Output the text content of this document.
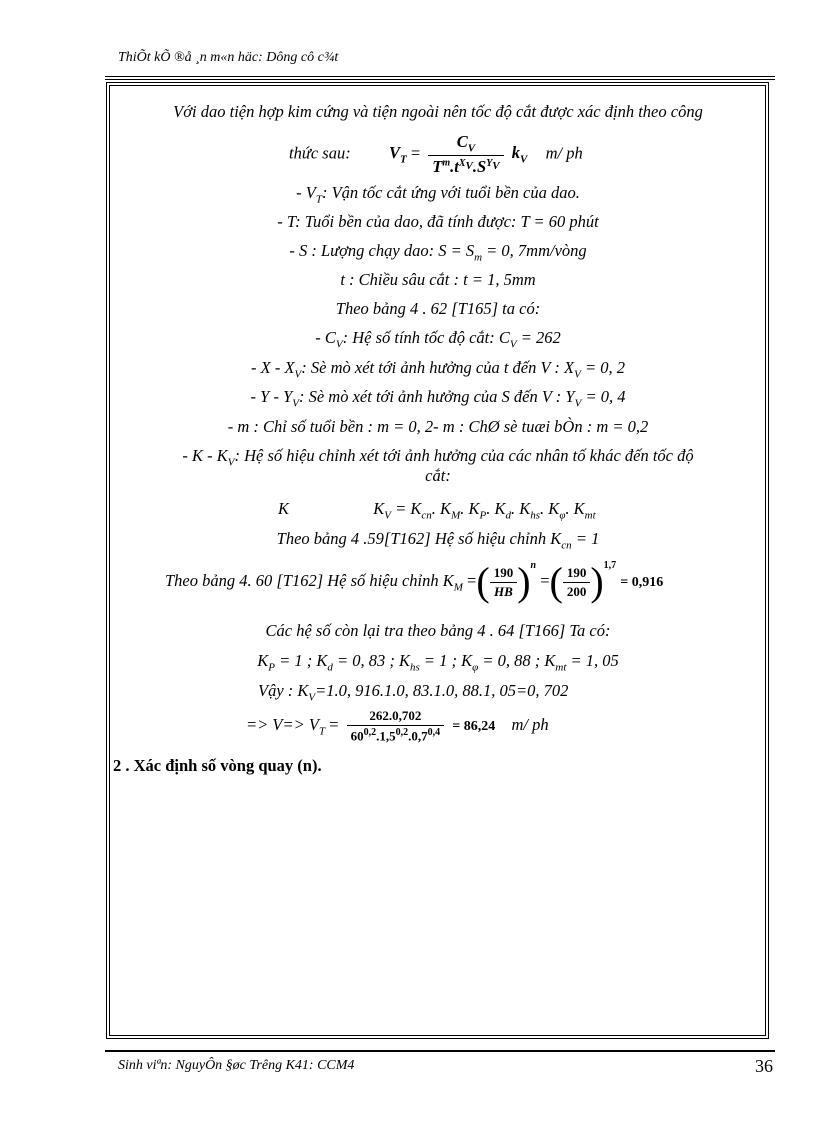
ThiÕt kÕ ®å ¸n m«n häc: Dông cô c¾t
Với dao tiện hợp kim cứng và tiện ngoài nên tốc độ cắt được xác định theo công
thức sau: $V_T = \frac{C_V}{T^m.t^{X_V}.S^{Y_V}} k_V$ m/ ph
- $V_T$: Vận tốc cắt ứng với tuổi bền của dao.
- T: Tuổi bền của dao, đã tính được: T = 60 phút
- S : Lượng chạy dao: $S = S_m = 0$, 7mm/vòng
t : Chiều sâu cắt : t = 1, 5mm
Theo bảng 4 . 62 [T165] ta có:
- $C_V$: Hệ số tính tốc độ cắt: $C_V = 262$
- X - $X_V$: Sè mò xét tới ảnh hưởng của t đến V : $X_V = 0$, 2
- Y - $Y_V$: Sè mò xét tới ảnh hưởng của S đến V : $Y_V = 0$, 4
- m : Chỉ số tuổi bền : m = 0, 2- m : ChØ sè tuæi bÒn : m = 0,2
- K - $K_V$: Hệ số hiệu chỉnh xét tới ảnh hưởng của các nhân tố khác đến tốc độ
cắt:
K	$K_V = K_{cn}$. $K_M$. $K_P$. $K_d$. $K_{hs}$. $K_\varphi$. $K_{mt}$
Theo bảng 4 .59[T162] Hệ số hiệu chỉnh $K_{cn} = 1$
Theo bảng 4. 60 [T162] Hệ số hiệu chỉnh $K_M$ =( $\frac{190}{HB} )^n$ =( $\frac{190}{200} )^{1,7} = 0,916$
Các hệ số còn lại tra theo bảng 4 . 64 [T166] Ta có:
$K_P = 1$ ; $K_d = 0$, 83 ; $K_{hs} = 1$ ; $K_\varphi = 0$, 88 ; $K_{mt} = 1$, 05
Vậy : $K_V=1.0$, 916.1.0, 83.1.0, 88.1, 05=0, 702
=> $V=> V_T = \frac{262.0,702}{60^{0,2}.1,5^{0,2}.0,7^{0,4}} = 86,24$ m/ ph
2 . Xác định số vòng quay (n).
Sinh viªn: NguyÔn §øc Trêng K41: CCM4	36
